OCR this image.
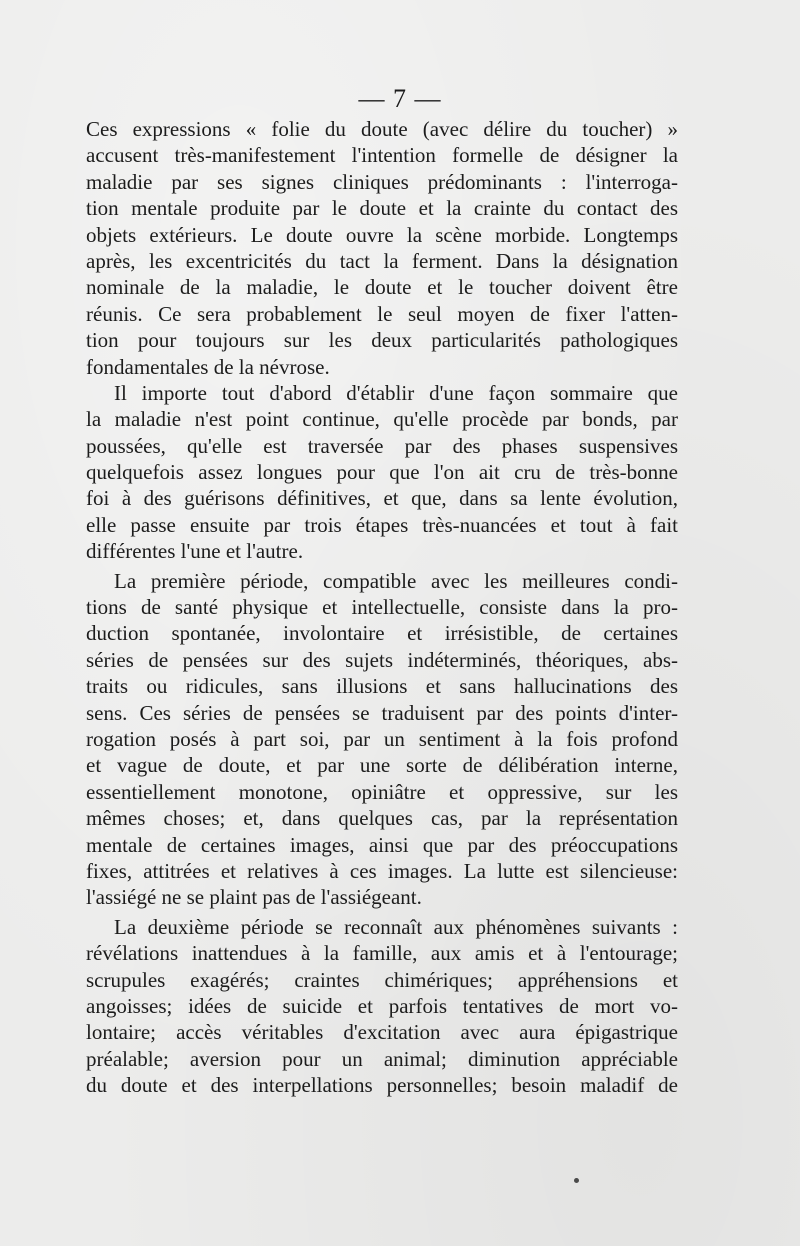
— 7 —
Ces expressions « folie du doute (avec délire du toucher) »
accusent très-manifestement l'intention formelle de désigner la
maladie par ses signes cliniques prédominants : l'interroga-
tion mentale produite par le doute et la crainte du contact des
objets extérieurs. Le doute ouvre la scène morbide. Longtemps
après, les excentricités du tact la ferment. Dans la désignation
nominale de la maladie, le doute et le toucher doivent être
réunis. Ce sera probablement le seul moyen de fixer l'atten-
tion pour toujours sur les deux particularités pathologiques
fondamentales de la névrose.
Il importe tout d'abord d'établir d'une façon sommaire que
la maladie n'est point continue, qu'elle procède par bonds, par
poussées, qu'elle est traversée par des phases suspensives
quelquefois assez longues pour que l'on ait cru de très-bonne
foi à des guérisons définitives, et que, dans sa lente évolution,
elle passe ensuite par trois étapes très-nuancées et tout à fait
différentes l'une et l'autre.
La première période, compatible avec les meilleures condi-
tions de santé physique et intellectuelle, consiste dans la pro-
duction spontanée, involontaire et irrésistible, de certaines
séries de pensées sur des sujets indéterminés, théoriques, abs-
traits ou ridicules, sans illusions et sans hallucinations des
sens. Ces séries de pensées se traduisent par des points d'inter-
rogation posés à part soi, par un sentiment à la fois profond
et vague de doute, et par une sorte de délibération interne,
essentiellement monotone, opiniâtre et oppressive, sur les
mêmes choses; et, dans quelques cas, par la représentation
mentale de certaines images, ainsi que par des préoccupations
fixes, attitrées et relatives à ces images. La lutte est silencieuse:
l'assiégé ne se plaint pas de l'assiégeant.
La deuxième période se reconnaît aux phénomènes suivants :
révélations inattendues à la famille, aux amis et à l'entourage;
scrupules exagérés; craintes chimériques; appréhensions et
angoisses; idées de suicide et parfois tentatives de mort vo-
lontaire; accès véritables d'excitation avec aura épigastrique
préalable; aversion pour un animal; diminution appréciable
du doute et des interpellations personnelles; besoin maladif de
